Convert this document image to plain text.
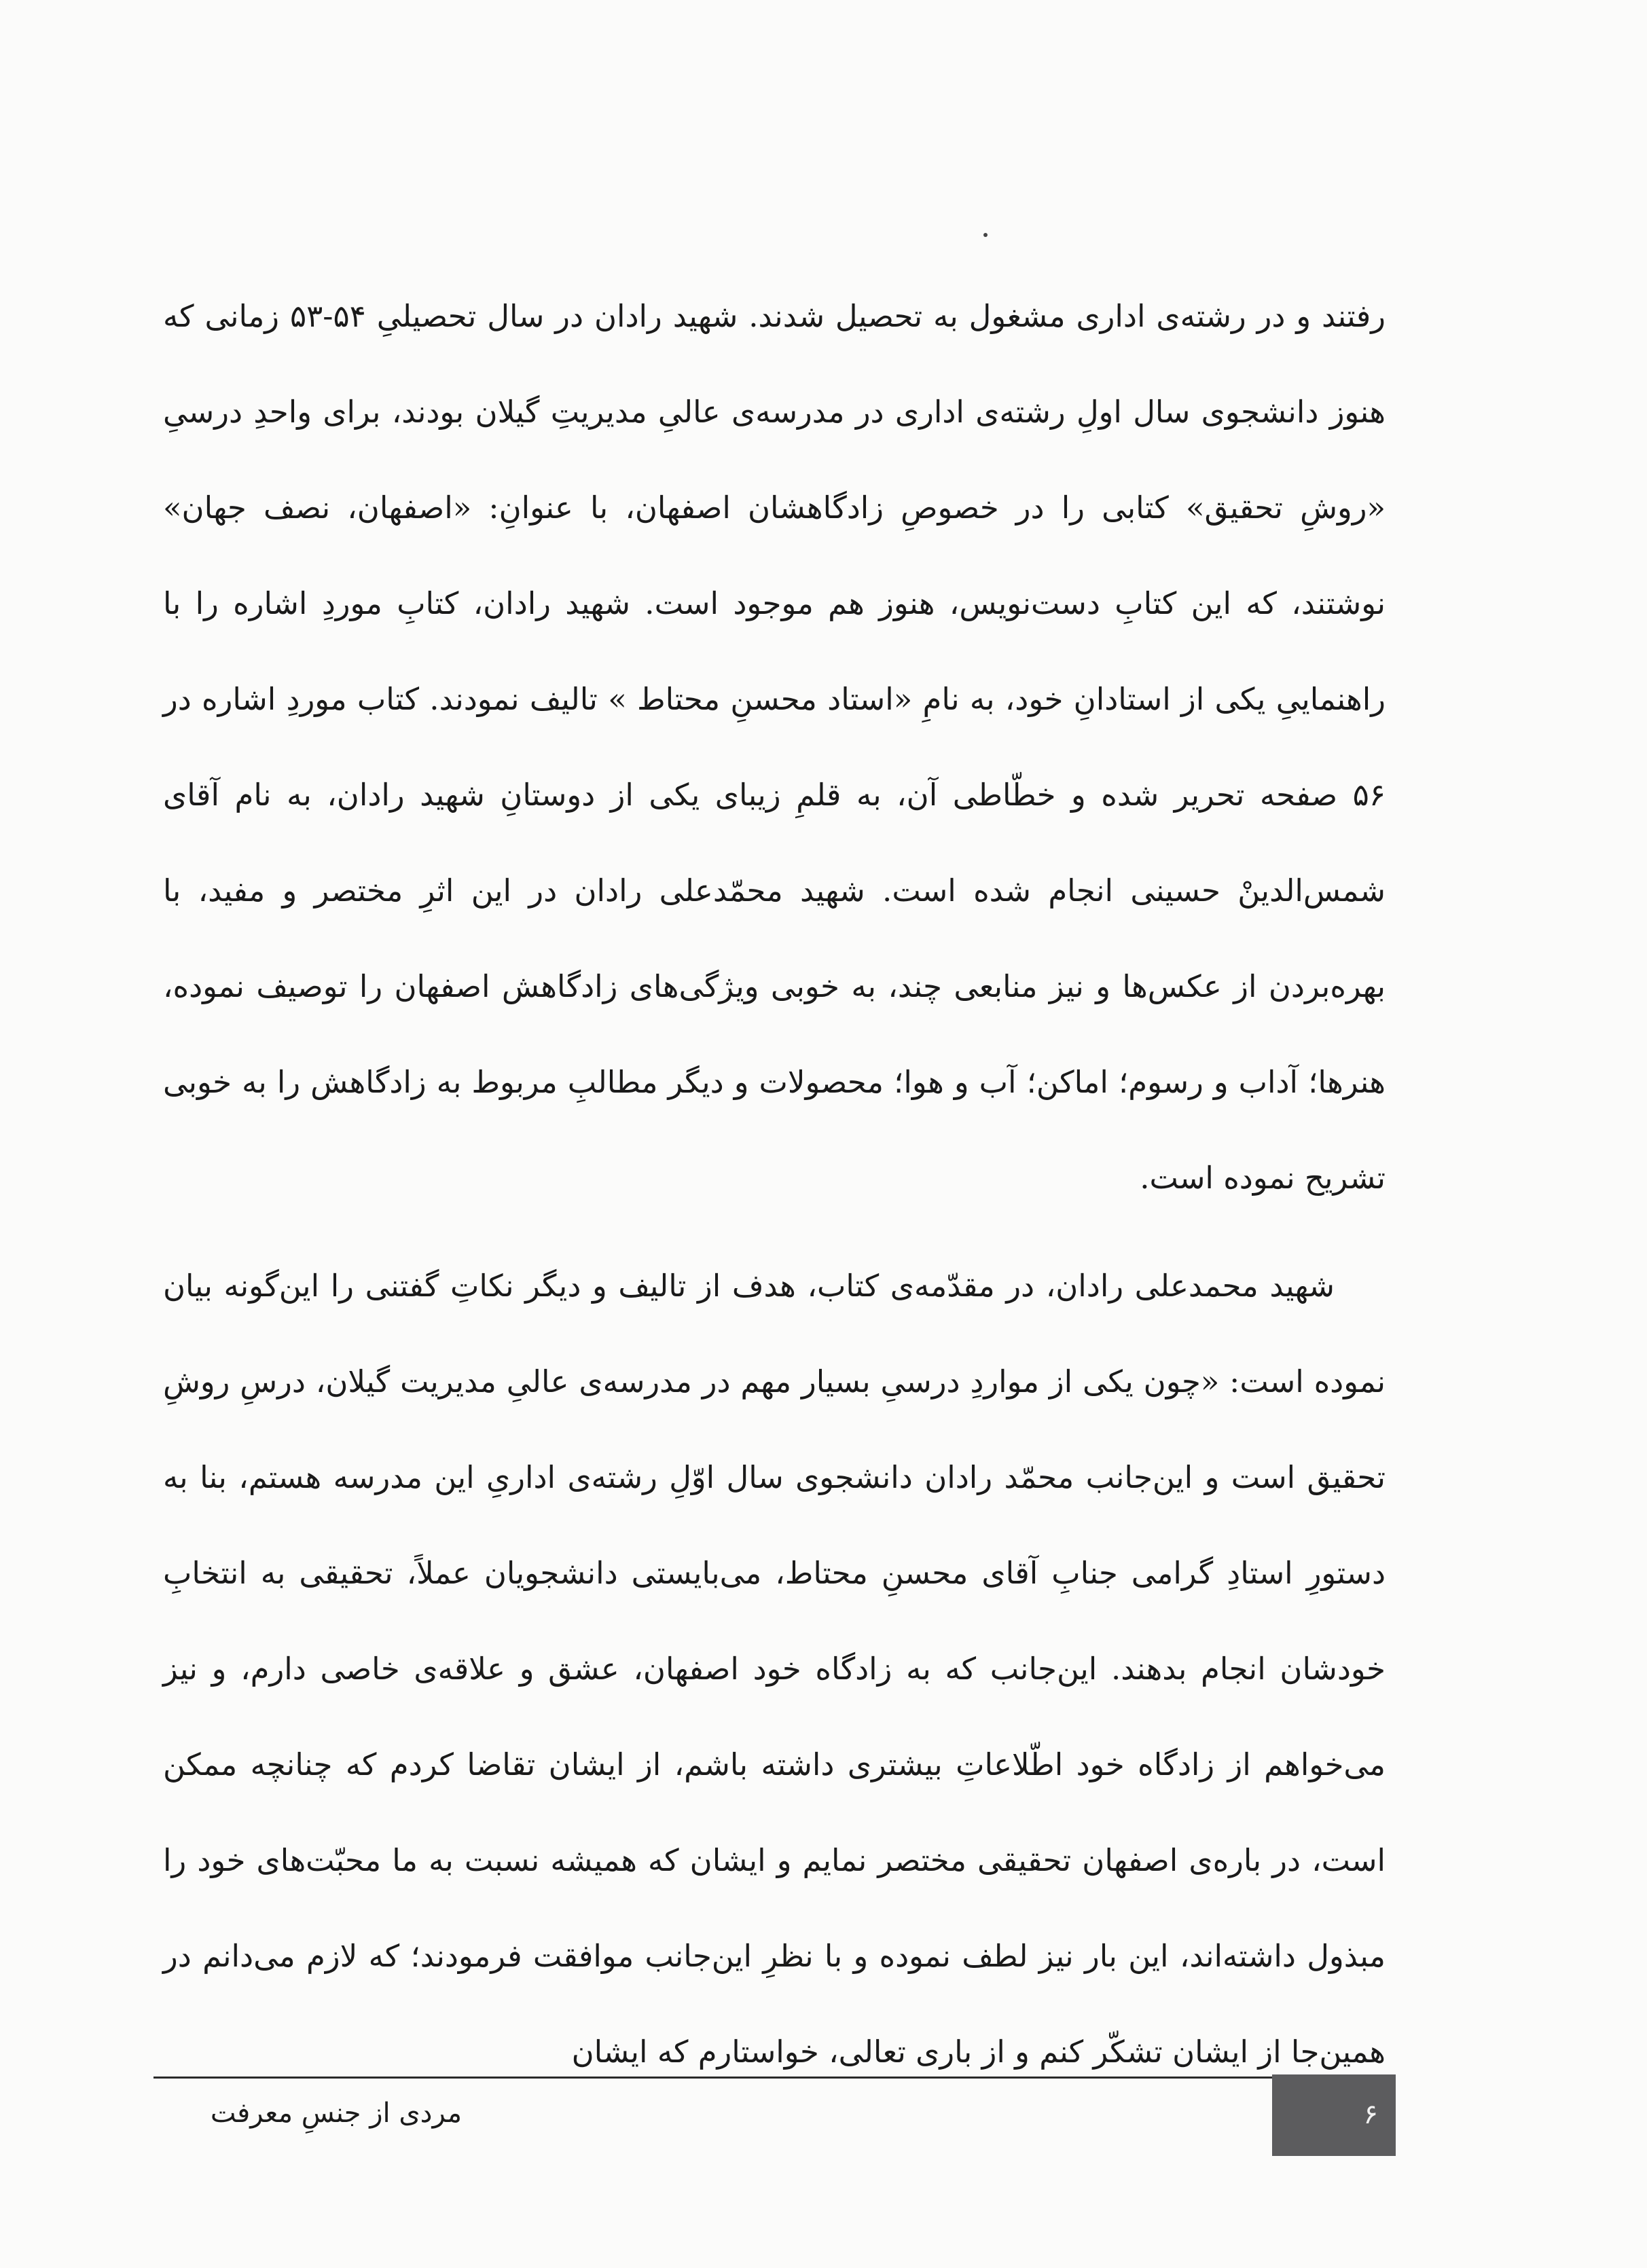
رفتند و در رشته‌ی اداری مشغول به تحصیل شدند. شهید رادان در سال تحصیلیِ ۵۴-۵۳ زمانی که هنوز دانشجوی سال اولِ رشته‌ی اداری در مدرسه‌ی عالیِ مدیریتِ گیلان بودند، برای واحدِ درسیِ «روشِ تحقیق» کتابی را در خصوصِ زادگاهشان اصفهان، با عنوانِ: «اصفهان، نصف جهان» نوشتند، که این کتابِ دست‌نویس، هنوز هم موجود است. شهید رادان، کتابِ موردِ اشاره را با راهنماییِ یکی از استادانِ خود، به نامِ «استاد محسنِ محتاط » تالیف نمودند. کتاب موردِ اشاره در ۵۶ صفحه تحریر شده و خطّاطی آن، به قلمِ زیبای یکی از دوستانِ شهید رادان، به نام آقای شمس‌الدینْ حسینی انجام شده است. شهید محمّدعلی رادان در این اثرِ مختصر و مفید، با بهره‌بردن از عکس‌ها و نیز منابعی چند، به خوبی ویژگی‌های زادگاهش اصفهان را توصیف نموده، هنرها؛ آداب و رسوم؛ اماکن؛ آب و هوا؛ محصولات و دیگر مطالبِ مربوط به زادگاهش را به خوبی تشریح نموده است.

شهید محمدعلی رادان، در مقدّمه‌ی کتاب، هدف از تالیف و دیگر نکاتِ گفتنی را این‌گونه بیان نموده است: «چون یکی از مواردِ درسیِ بسیار مهم در مدرسه‌ی عالیِ مدیریت گیلان، درسِ روشِ تحقیق است و این‌جانب محمّد رادان دانشجوی سال اوّلِ رشته‌ی اداریِ این مدرسه هستم، بنا به دستورِ استادِ گرامی جنابِ آقای محسنِ محتاط، می‌بایستی دانشجویان عملاً، تحقیقی به انتخابِ خودشان انجام بدهند. این‌جانب که به زادگاه خود اصفهان، عشق و علاقه‌ی خاصی دارم، و نیز می‌خواهم از زادگاه خود اطّلاعاتِ بیشتری داشته باشم، از ایشان تقاضا کردم که چنانچه ممکن است، در باره‌ی اصفهان تحقیقی مختصر نمایم و ایشان که همیشه نسبت به ما محبّت‌های خود را مبذول داشته‌اند، این بار نیز لطف نموده و با نظرِ این‌جانب موافقت فرمودند؛ که لازم می‌دانم در همین‌جا از ایشان تشکّر کنم و از باری تعالی، خواستارم که ایشان

مردی از جنسِ معرفت	۶
